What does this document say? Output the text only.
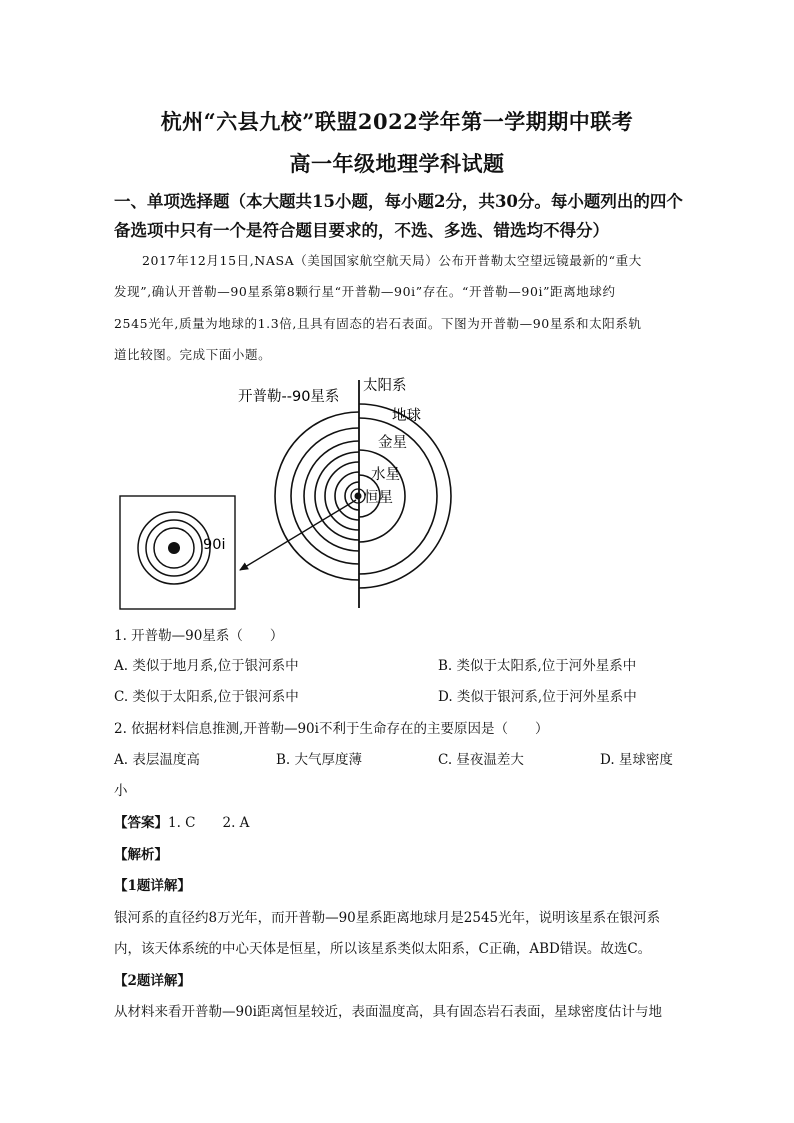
杭州“六县九校”联盟2022学年第一学期期中联考
高一年级地理学科试题

一、单项选择题（本大题共15小题，每小题2分，共30分。每小题列出的四个

备选项中只有一个是符合题目要求的，不选、多选、错选均不得分）

2017年12月15日,NASA（美国国家航空航天局）公布开普勒太空望远镜最新的“重大

发现”,确认开普勒—90星系第8颗行星“开普勒—90i”存在。“开普勒—90i”距离地球约

2545光年,质量为地球的1.3倍,且具有固态的岩石表面。下图为开普勒—90星系和太阳系轨

道比较图。完成下面小题。

开普勒--90星系
太阳系
地球
金星
水星
恒星
90i

1. 开普勒—90星系（　　）

A. 类似于地月系,位于银河系中	B. 类似于太阳系,位于河外星系中

C. 类似于太阳系,位于银河系中	D. 类似于银河系,位于河外星系中

2. 依据材料信息推测,开普勒—90i不利于生命存在的主要原因是（　　）

A. 表层温度高	B. 大气厚度薄	C. 昼夜温差大	D. 星球密度

小

【答案】1. C　　2. A

【解析】

【1题详解】

银河系的直径约8万光年，而开普勒—90星系距离地球月是2545光年，说明该星系在银河系

内，该天体系统的中心天体是恒星，所以该星系类似太阳系，C正确，ABD错误。故选C。

【2题详解】

从材料来看开普勒—90i距离恒星较近，表面温度高，具有固态岩石表面，星球密度估计与地
